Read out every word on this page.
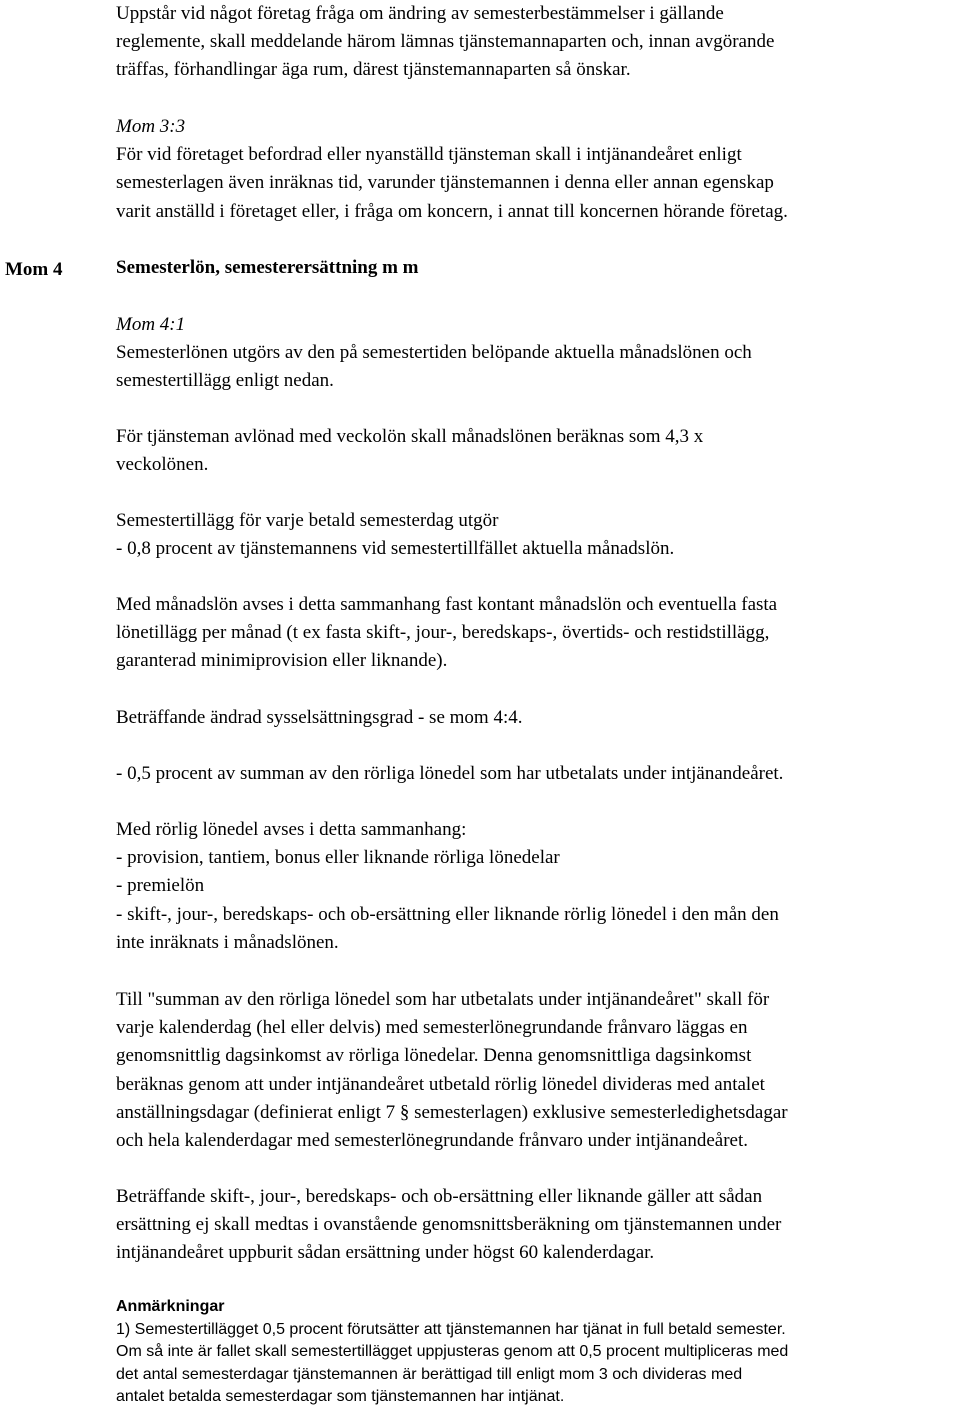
Uppstår vid något företag fråga om ändring av semesterbestämmelser i gällande
reglemente, skall meddelande härom lämnas tjänstemannaparten och, innan avgörande
träffas, förhandlingar äga rum, därest tjänstemannaparten så önskar.
Mom 3:3
För vid företaget befordrad eller nyanställd tjänsteman skall i intjänandeåret enligt
semesterlagen även inräknas tid, varunder tjänstemannen i denna eller annan egenskap
varit anställd i företaget eller, i fråga om koncern, i annat till koncernen hörande företag.
Mom 4	Semesterlön, semesterersättning m m
Mom 4:1
Semesterlönen utgörs av den på semestertiden belöpande aktuella månadslönen och
semestertillägg enligt nedan.
För tjänsteman avlönad med veckolön skall månadslönen beräknas som 4,3 x
veckolönen.
Semestertillägg för varje betald semesterdag utgör
- 0,8 procent av tjänstemannens vid semestertillfället aktuella månadslön.
Med månadslön avses i detta sammanhang fast kontant månadslön och eventuella fasta
lönetillägg per månad (t ex fasta skift-, jour-, beredskaps-, övertids- och restidstillägg,
garanterad minimiprovision eller liknande).
Beträffande ändrad sysselsättningsgrad - se mom 4:4.
- 0,5 procent av summan av den rörliga lönedel som har utbetalats under intjänandeåret.
Med rörlig lönedel avses i detta sammanhang:
- provision, tantiem, bonus eller liknande rörliga lönedelar
- premielön
- skift-, jour-, beredskaps- och ob-ersättning eller liknande rörlig lönedel i den mån den
inte inräknats i månadslönen.
Till "summan av den rörliga lönedel som har utbetalats under intjänandeåret" skall för
varje kalenderdag (hel eller delvis) med semesterlönegrundande frånvaro läggas en
genomsnittlig dagsinkomst av rörliga lönedelar. Denna genomsnittliga dagsinkomst
beräknas genom att under intjänandeåret utbetald rörlig lönedel divideras med antalet
anställningsdagar (definierat enligt 7 § semesterlagen) exklusive semesterledighetsdagar
och hela kalenderdagar med semesterlönegrundande frånvaro under intjänandeåret.
Beträffande skift-, jour-, beredskaps- och ob-ersättning eller liknande gäller att sådan
ersättning ej skall medtas i ovanstående genomsnittsberäkning om tjänstemannen under
intjänandeåret uppburit sådan ersättning under högst 60 kalenderdagar.
Anmärkningar
1) Semestertillägget 0,5 procent förutsätter att tjänstemannen har tjänat in full betald semester.
Om så inte är fallet skall semestertillägget uppjusteras genom att 0,5 procent multipliceras med
det antal semesterdagar tjänstemannen är berättigad till enligt mom 3 och divideras med
antalet betalda semesterdagar som tjänstemannen har intjänat.
